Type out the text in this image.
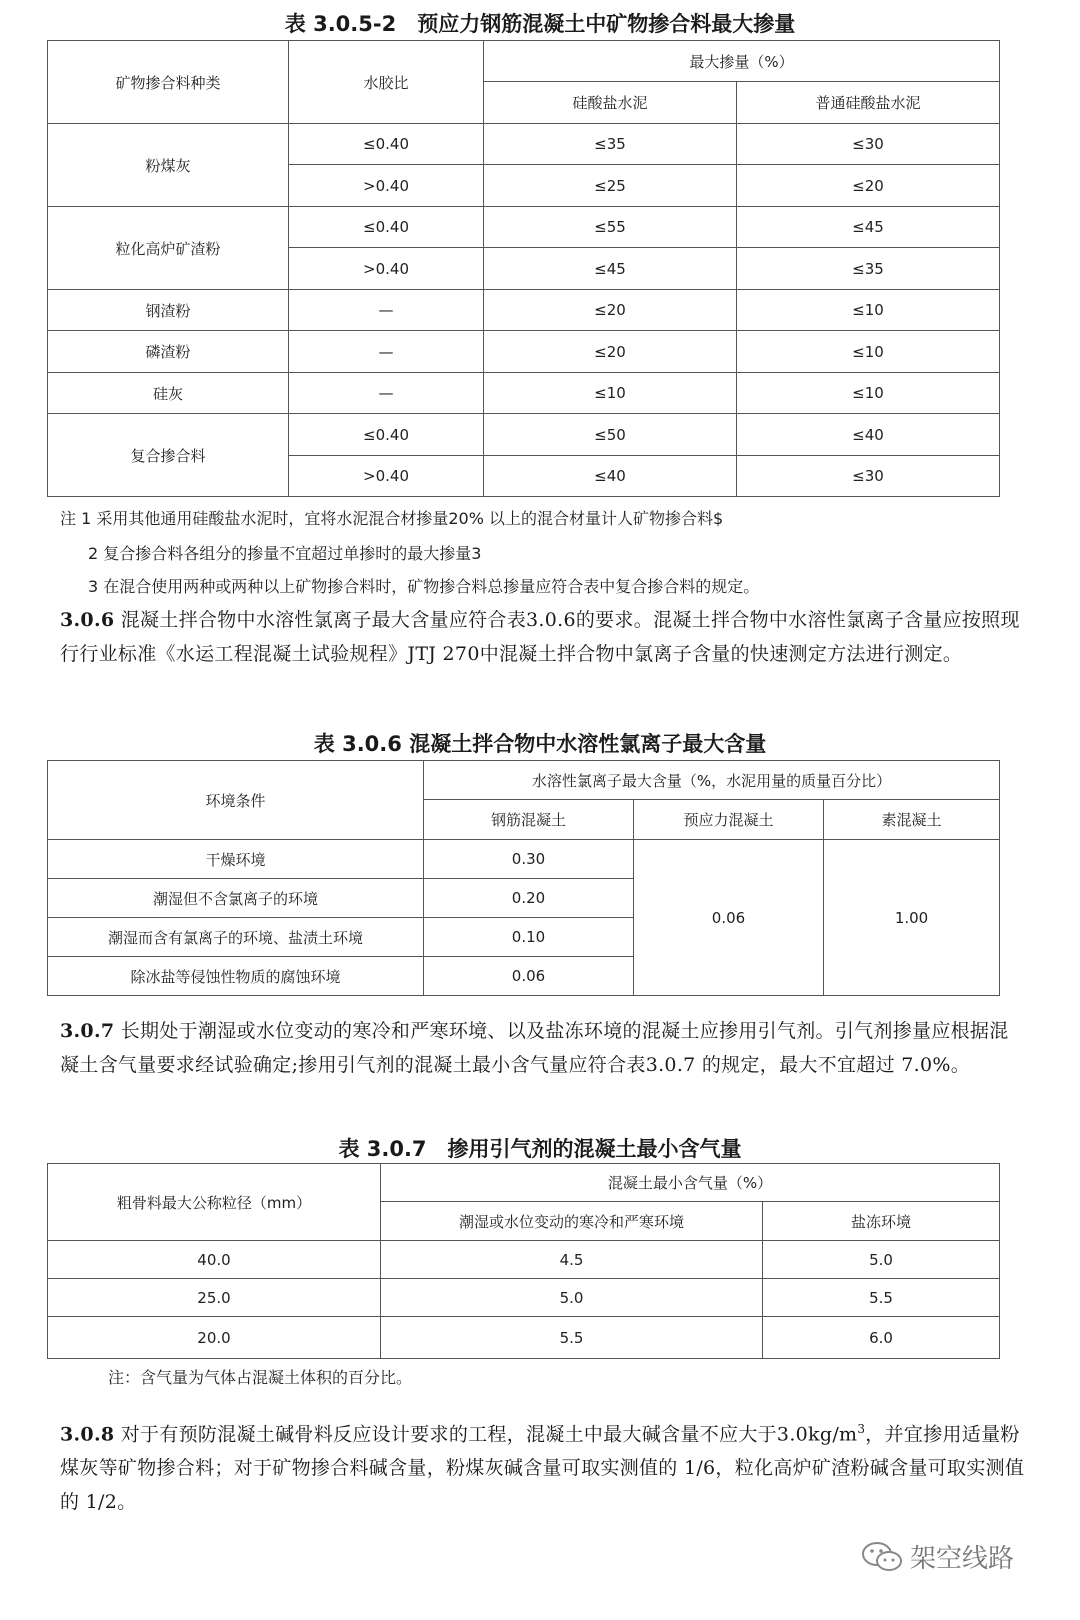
表 3.0.5-2　预应力钢筋混凝土中矿物掺合料最大掺量
矿物掺合料种类	水胶比	最大掺量（%）	
		硅酸盐水泥	普通硅酸盐水泥
粉煤灰	≤0.40	≤35	≤30
	>0.40	≤25	≤20
粒化高炉矿渣粉	≤0.40	≤55	≤45
	>0.40	≤45	≤35
钢渣粉	—	≤20	≤10
磷渣粉	—	≤20	≤10
硅灰	—	≤10	≤10
复合掺合料	≤0.40	≤50	≤40
	>0.40	≤40	≤30
注 1 采用其他通用硅酸盐水泥时，宜将水泥混合材掺量20% 以上的混合材量计人矿物掺合料$
2 复合掺合料各组分的掺量不宜超过单掺时的最大掺量3
3 在混合使用两种或两种以上矿物掺合料时，矿物掺合料总掺量应符合表中复合掺合料的规定。
3.0.6 混凝土拌合物中水溶性氯离子最大含量应符合表3.0.6的要求。混凝土拌合物中水溶性氯离子含量应按照现行行业标准《水运工程混凝土试验规程》JTJ 270中混凝土拌合物中氯离子含量的快速测定方法进行测定。
表 3.0.6 混凝土拌合物中水溶性氯离子最大含量
环境条件	水溶性氯离子最大含量（%，水泥用量的质量百分比）		
	钢筋混凝土	预应力混凝土	素混凝土
干燥环境	0.30	0.06	1.00
潮湿但不含氯离子的环境	0.20		
潮湿而含有氯离子的环境、盐渍土环境	0.10		
除冰盐等侵蚀性物质的腐蚀环境	0.06		
3.0.7 长期处于潮湿或水位变动的寒冷和严寒环境、以及盐冻环境的混凝土应掺用引气剂。引气剂掺量应根据混凝土含气量要求经试验确定;掺用引气剂的混凝土最小含气量应符合表3.0.7 的规定，最大不宜超过 7.0%。
表 3.0.7　掺用引气剂的混凝土最小含气量
粗骨料最大公称粒径（mm）	混凝土最小含气量（%）	
	潮湿或水位变动的寒冷和严寒环境	盐冻环境
40.0	4.5	5.0
25.0	5.0	5.5
20.0	5.5	6.0
注：含气量为气体占混凝土体积的百分比。
3.0.8 对于有预防混凝土碱骨料反应设计要求的工程，混凝土中最大碱含量不应大于$3.0kg/m^3$，并宜掺用适量粉煤灰等矿物掺合料；对于矿物掺合料碱含量，粉煤灰碱含量可取实测值的 1/6，粒化高炉矿渣粉碱含量可取实测值的 1/2。
架空线路
